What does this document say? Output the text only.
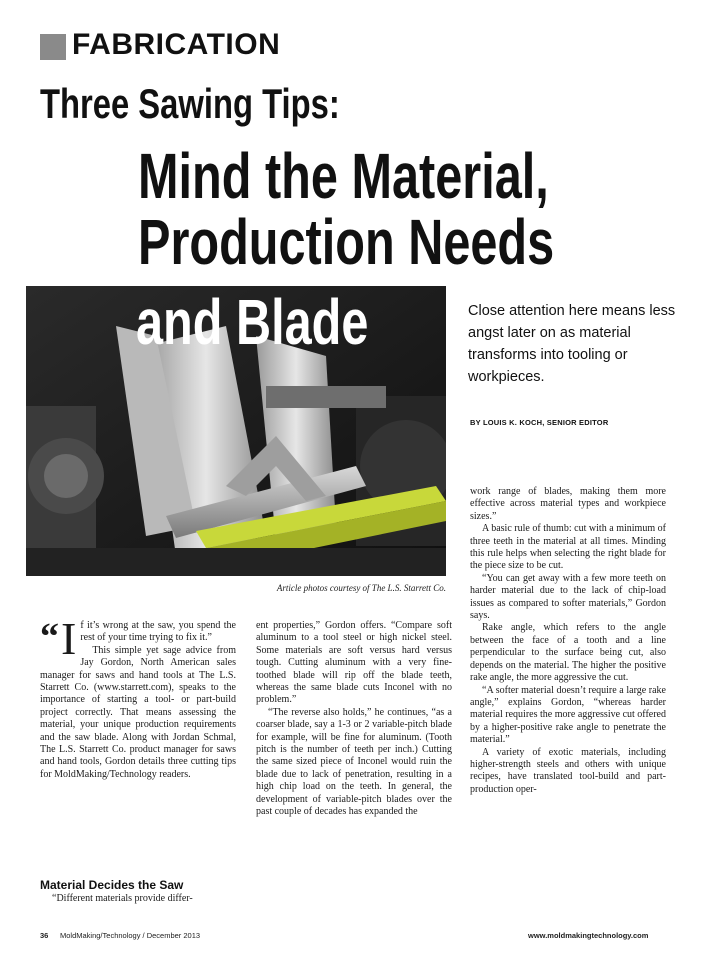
FABRICATION
Three Sawing Tips:
Mind the Material,
Production Needs
and Blade
Article photos courtesy of The L.S. Starrett Co.
Close attention here means less angst later on as material transforms into tooling or workpieces.
BY LOUIS K. KOCH, SENIOR EDITOR

“ I f it’s wrong at the saw, you spend the rest of your time trying to fix it.”

This simple yet sage advice from Jay Gordon, North American sales manager for saws and hand tools at The L.S. Starrett Co. (www.starrett.com), speaks to the importance of starting a tool- or part-build project correctly. That means assessing the material, your unique production requirements and the saw blade. Along with Jordan Schmal, The L.S. Starrett Co. product manager for saws and hand tools, Gordon details three cutting tips for MoldMaking/Technology readers.

Material Decides the Saw

“Different materials provide differ-

ent properties,” Gordon offers. “Compare soft aluminum to a tool steel or high nickel steel. Some materials are soft versus hard versus tough. Cutting aluminum with a very fine-toothed blade will rip off the blade teeth, whereas the same blade cuts Inconel with no problem.”

“The reverse also holds,” he continues, “as a coarser blade, say a 1-3 or 2 variable-pitch blade for example, will be fine for aluminum. (Tooth pitch is the number of teeth per inch.) Cutting the same sized piece of Inconel would ruin the blade due to lack of penetration, resulting in a high chip load on the teeth. In general, the development of variable-pitch blades over the past couple of decades has expanded the

work range of blades, making them more effective across material types and workpiece sizes.”

A basic rule of thumb: cut with a minimum of three teeth in the material at all times. Minding this rule helps when selecting the right blade for the piece size to be cut.

“You can get away with a few more teeth on harder material due to the lack of chip-load issues as compared to softer materials,” Gordon says.

Rake angle, which refers to the angle between the face of a tooth and a line perpendicular to the surface being cut, also depends on the material. The higher the positive rake angle, the more aggressive the cut.

“A softer material doesn’t require a large rake angle,” explains Gordon, “whereas harder material requires the more aggressive cut offered by a higher-positive rake angle to penetrate the material.”

A variety of exotic materials, including higher-strength steels and others with unique recipes, have translated tool-build and part-production oper-

36 MoldMaking/Technology / December 2013	www.moldmakingtechnology.com
